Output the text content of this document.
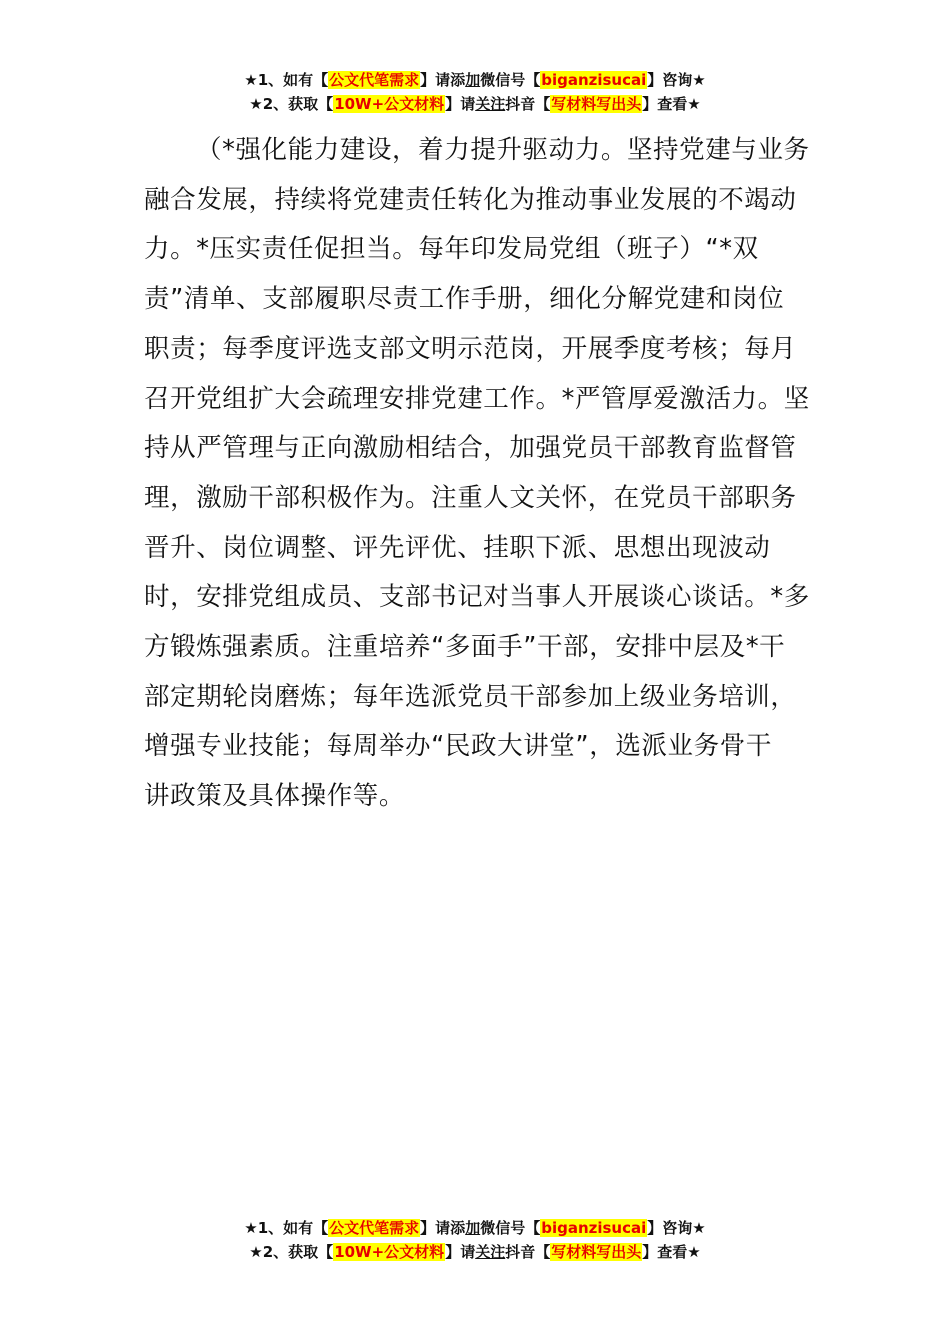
★1、如有【公文代笔需求】请添加微信号【biganzisucai】咨询★
★2、获取【10W+公文材料】请关注抖音【写材料写出头】查看★

（*强化能力建设，着力提升驱动力。坚持党建与业务
融合发展，持续将党建责任转化为推动事业发展的不竭动
力。*压实责任促担当。每年印发局党组（班子）“*双
责”清单、支部履职尽责工作手册，细化分解党建和岗位
职责；每季度评选支部文明示范岗，开展季度考核；每月
召开党组扩大会疏理安排党建工作。*严管厚爱激活力。坚
持从严管理与正向激励相结合，加强党员干部教育监督管
理，激励干部积极作为。注重人文关怀，在党员干部职务
晋升、岗位调整、评先评优、挂职下派、思想出现波动
时，安排党组成员、支部书记对当事人开展谈心谈话。*多
方锻炼强素质。注重培养“多面手”干部，安排中层及*干
部定期轮岗磨炼；每年选派党员干部参加上级业务培训，
增强专业技能；每周举办“民政大讲堂”，选派业务骨干
讲政策及具体操作等。

★1、如有【公文代笔需求】请添加微信号【biganzisucai】咨询★
★2、获取【10W+公文材料】请关注抖音【写材料写出头】查看★
